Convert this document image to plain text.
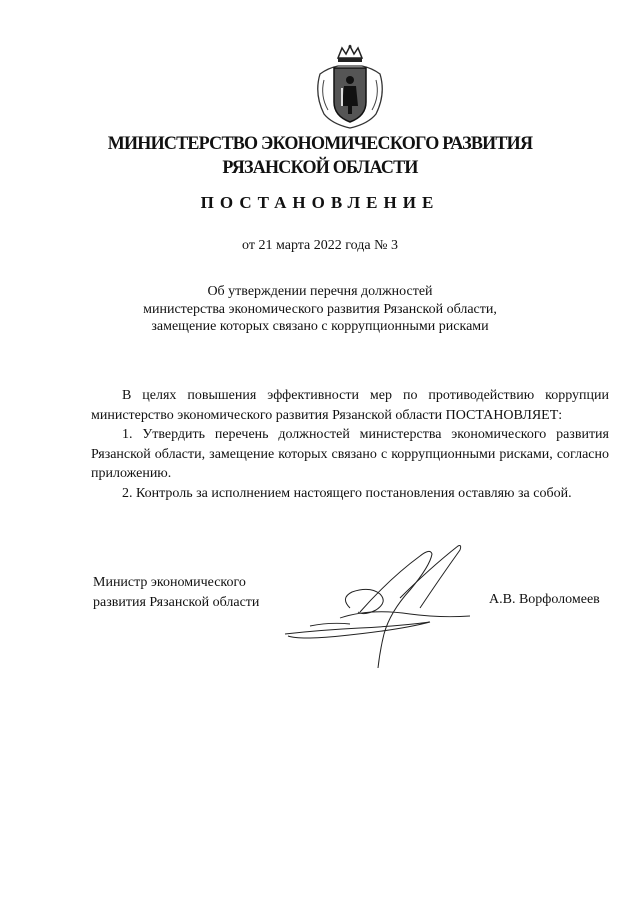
МИНИСТЕРСТВО ЭКОНОМИЧЕСКОГО РАЗВИТИЯ
РЯЗАНСКОЙ ОБЛАСТИ
ПОСТАНОВЛЕНИЕ
от 21 марта 2022 года № 3
Об утверждении перечня должностей
министерства экономического развития Рязанской области,
замещение которых связано с коррупционными рисками

В целях повышения эффективности мер по противодействию коррупции министерство экономического развития Рязанской области ПОСТАНОВЛЯЕТ:

1. Утвердить перечень должностей министерства экономического развития Рязанской области, замещение которых связано с коррупционными рисками, согласно приложению.

2. Контроль за исполнением настоящего постановления оставляю за собой.

Министр экономического
развития Рязанской области	А.В. Ворфоломеев
